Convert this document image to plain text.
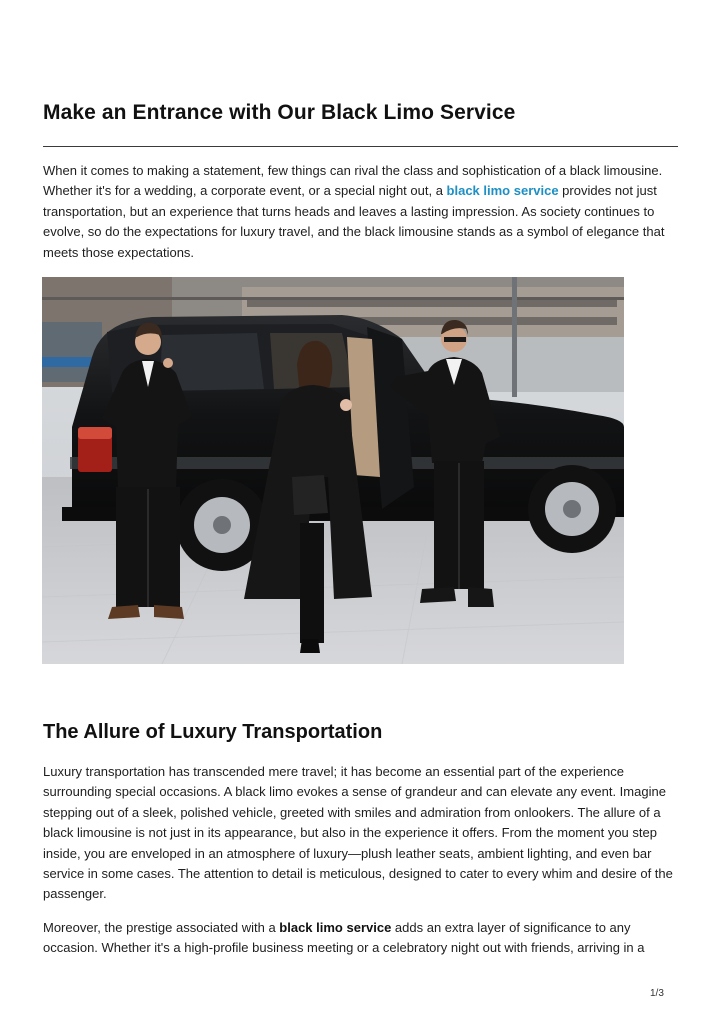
Make an Entrance with Our Black Limo Service

When it comes to making a statement, few things can rival the class and sophistication of a black limousine. Whether it's for a wedding, a corporate event, or a special night out, a black limo service provides not just transportation, but an experience that turns heads and leaves a lasting impression. As society continues to evolve, so do the expectations for luxury travel, and the black limousine stands as a symbol of elegance that meets those expectations.

The Allure of Luxury Transportation

Luxury transportation has transcended mere travel; it has become an essential part of the experience surrounding special occasions. A black limo evokes a sense of grandeur and can elevate any event. Imagine stepping out of a sleek, polished vehicle, greeted with smiles and admiration from onlookers. The allure of a black limousine is not just in its appearance, but also in the experience it offers. From the moment you step inside, you are enveloped in an atmosphere of luxury—plush leather seats, ambient lighting, and even bar service in some cases. The attention to detail is meticulous, designed to cater to every whim and desire of the passenger.

Moreover, the prestige associated with a black limo service adds an extra layer of significance to any occasion. Whether it's a high-profile business meeting or a celebratory night out with friends, arriving in a

1/3
